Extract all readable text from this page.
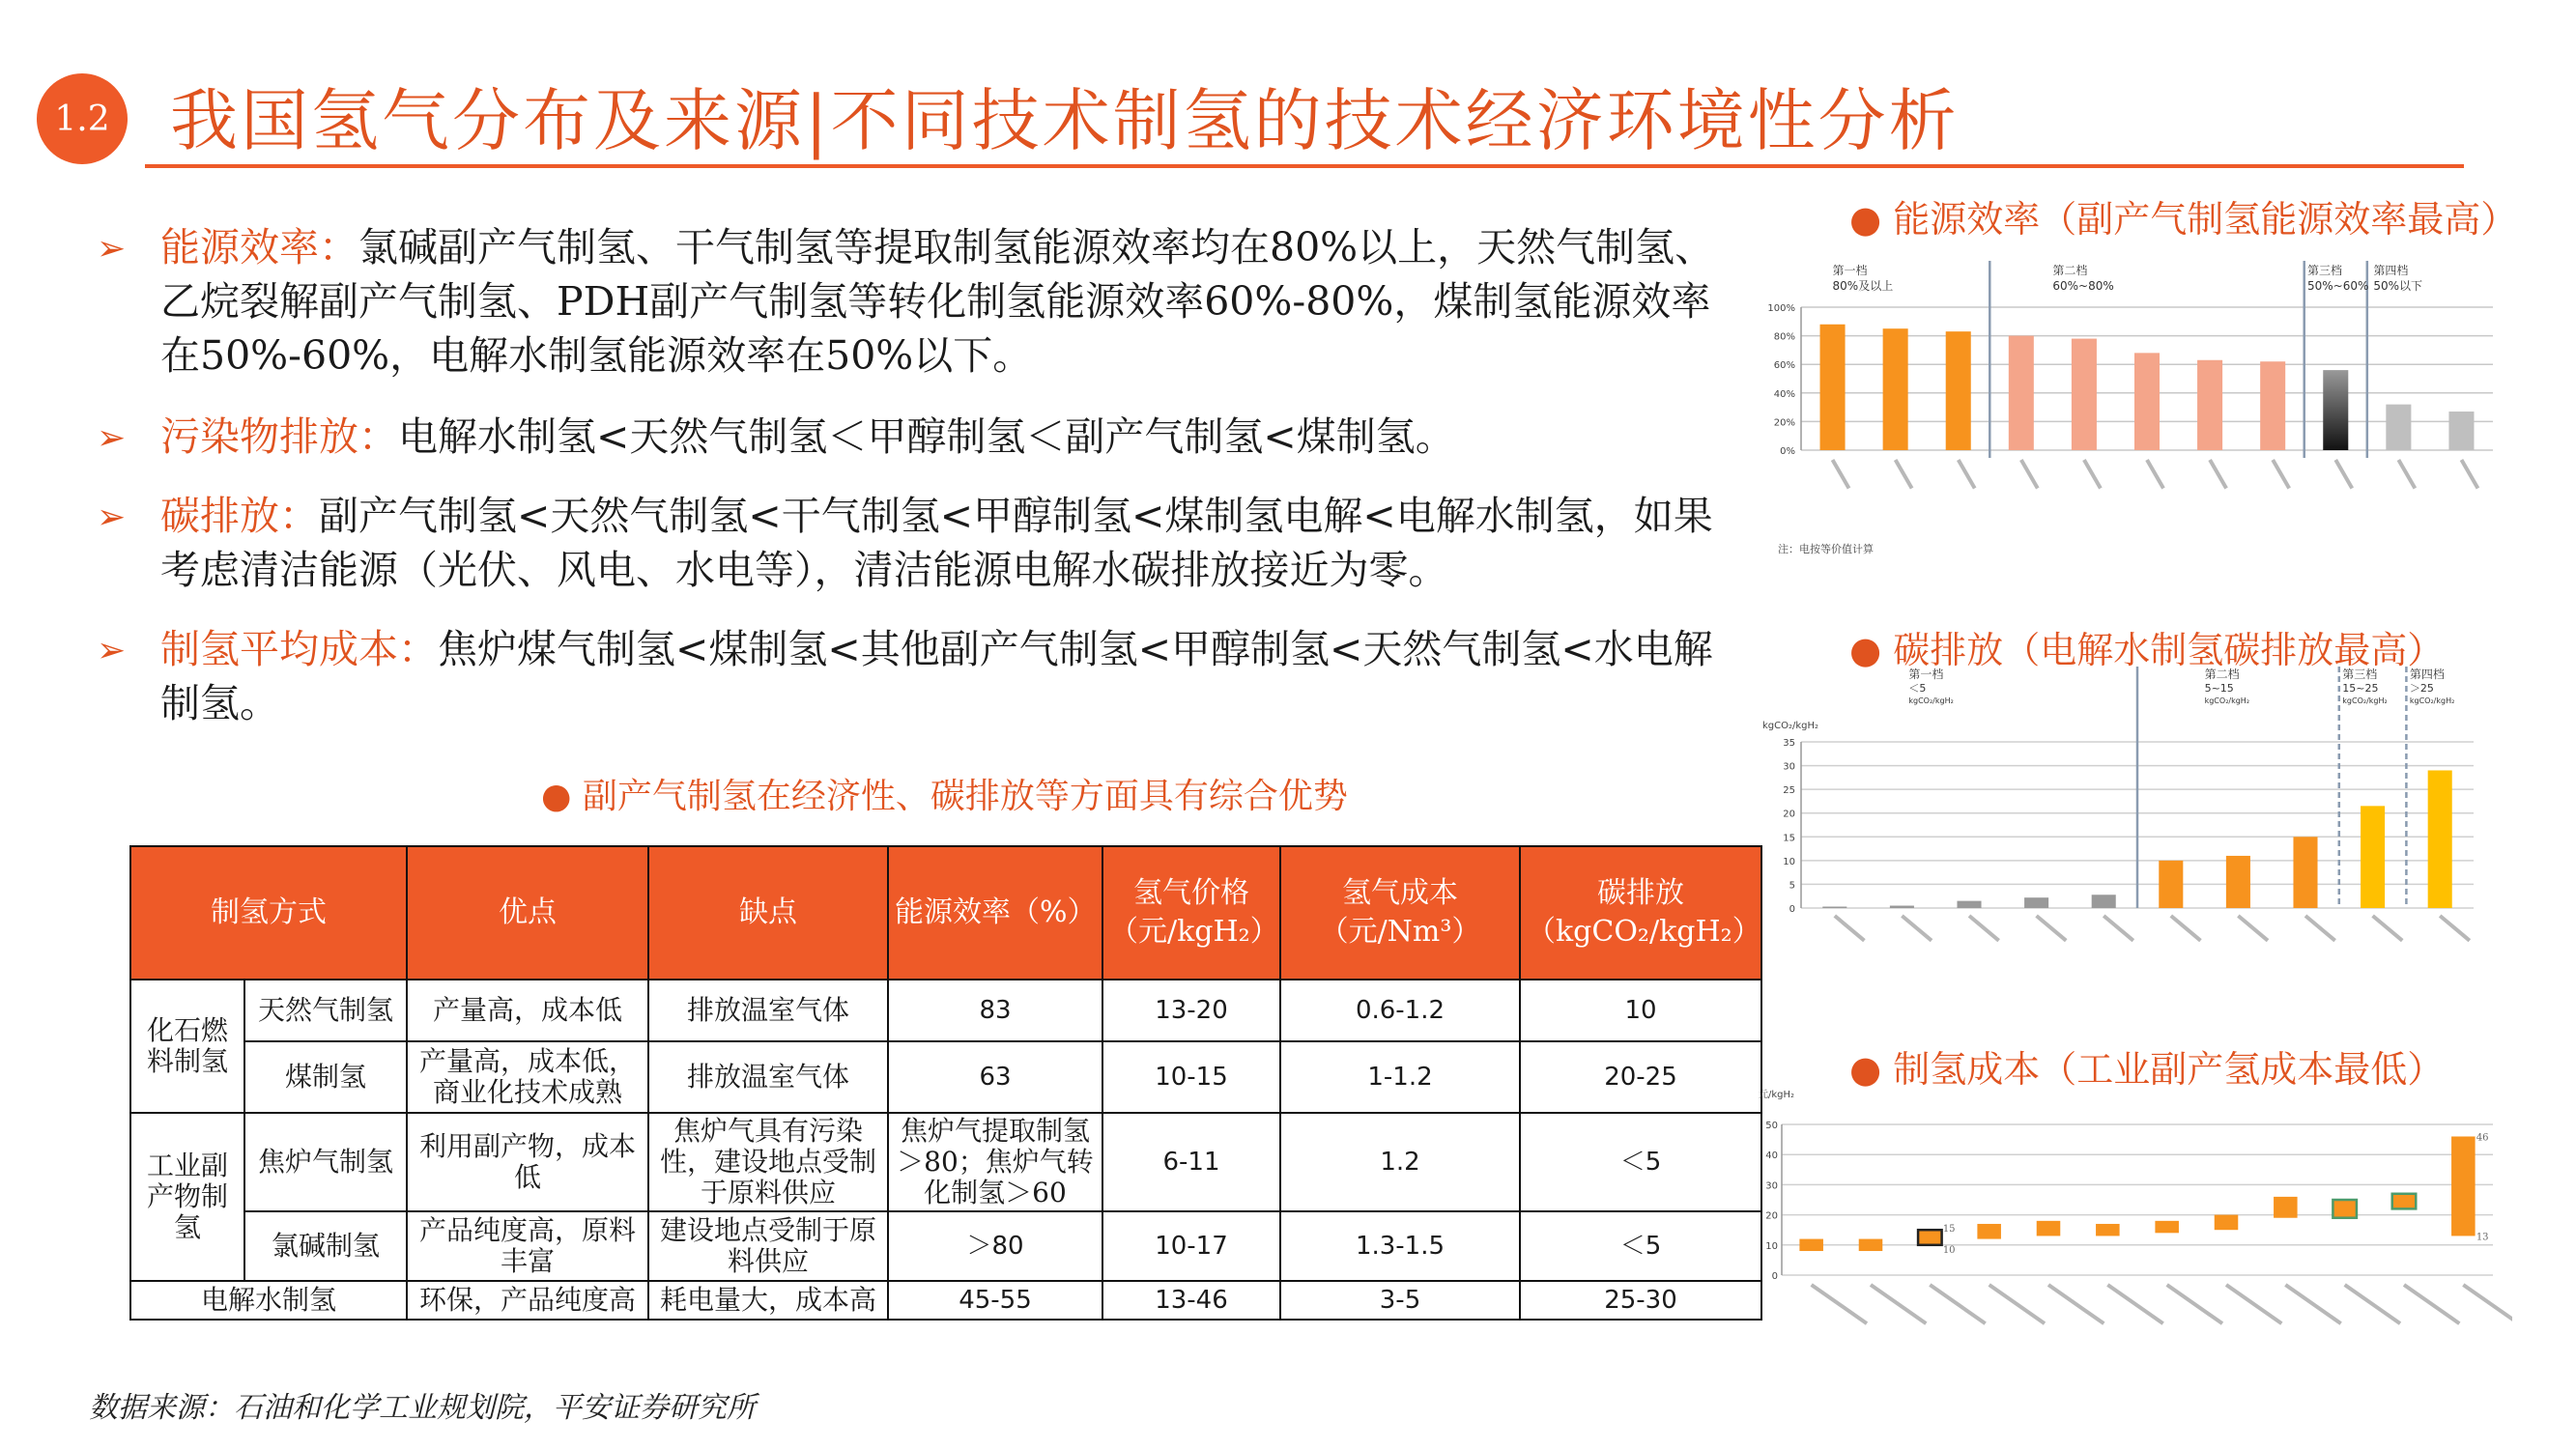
1.2 我国氢气分布及来源|不同技术制氢的技术经济环境性分析
➢ 能源效率：氯碱副产气制氢、干气制氢等提取制氢能源效率均在80%以上，天然气制氢、乙烷裂解副产气制氢、PDH副产气制氢等转化制氢能源效率60%-80%，煤制氢能源效率在50%-60%，电解水制氢能源效率在50%以下。
➢ 污染物排放：电解水制氢<天然气制氢＜甲醇制氢＜副产气制氢<煤制氢。
➢ 碳排放：副产气制氢<天然气制氢<干气制氢<甲醇制氢<煤制氢电解<电解水制氢，如果考虑清洁能源（光伏、风电、水电等），清洁能源电解水碳排放接近为零。
➢ 制氢平均成本：焦炉煤气制氢<煤制氢<其他副产气制氢<甲醇制氢<天然气制氢<水电解制氢。
● 副产气制氢在经济性、碳排放等方面具有综合优势
制氢方式		优点	缺点	能源效率（%）	氢气价格（元/kgH₂）	氢气成本（元/Nm³）	碳排放（kgCO₂/kgH₂）
化石燃料制氢	天然气制氢	产量高，成本低	排放温室气体	83	13-20	0.6-1.2	10
	煤制氢	产量高，成本低，商业化技术成熟	排放温室气体	63	10-15	1-1.2	20-25
工业副产物制氢	焦炉气制氢	利用副产物，成本低	焦炉气具有污染性，建设地点受制于原料供应	焦炉气提取制氢＞80；焦炉气转化制氢＞60	6-11	1.2	＜5
	氯碱制氢	产品纯度高，原料丰富	建设地点受制于原料供应	＞80	10-17	1.3-1.5	＜5
电解水制氢		环保，产品纯度高	耗电量大，成本高	45-55	13-46	3-5	25-30
数据来源：石油和化学工业规划院，平安证券研究所
● 能源效率（副产气制氢能源效率最高）
● 碳排放（电解水制氢碳排放最高）
● 制氢成本（工业副产氢成本最低）
100%
80%
60%
40%
20%
0%
第一档
80%及以上
第二档
60%~80%
第三档
50%~60%
第四档
50%以下
注：电按等价值计算
kgCO₂/kgH₂
35
30
25
20
15
10
5
0
第一档
＜5
kgCO₂/kgH₂
第二档
5~15
kgCO₂/kgH₂
第三档
15~25
kgCO₂/kgH₂
第四档
＞25
kgCO₂/kgH₂
元/kgH₂
50
40
30
20
10
0
15
10
46
13
